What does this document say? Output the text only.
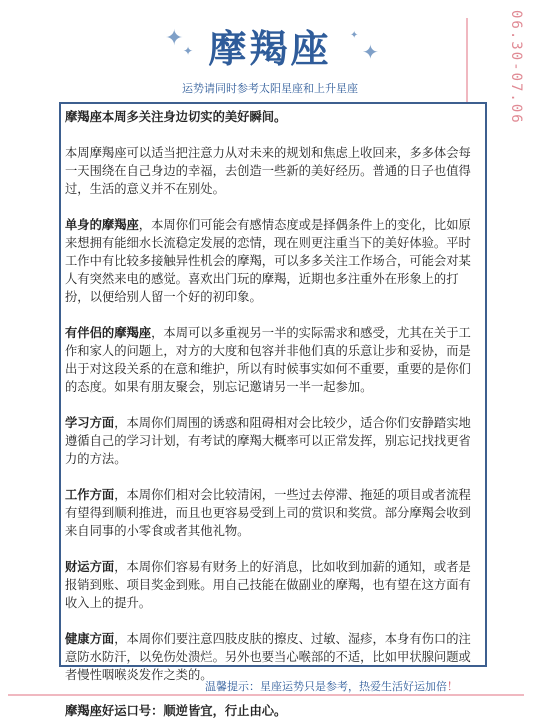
✦ ✦
✦
✦
摩羯座
运势请同时参考太阳星座和上升星座	06.30-07.06

摩羯座本周多关注身边切实的美好瞬间。

本周摩羯座可以适当把注意力从对未来的规划和焦虑上收回来，多多体会每一天围绕在自己身边的幸福，去创造一些新的美好经历。普通的日子也值得过，生活的意义并不在别处。

单身的摩羯座，本周你们可能会有感情态度或是择偶条件上的变化，比如原来想拥有能细水长流稳定发展的恋情，现在则更注重当下的美好体验。平时工作中有比较多接触异性机会的摩羯，可以多多关注工作场合，可能会对某人有突然来电的感觉。喜欢出门玩的摩羯，近期也多注重外在形象上的打扮，以便给别人留一个好的初印象。

有伴侣的摩羯座，本周可以多重视另一半的实际需求和感受，尤其在关于工作和家人的问题上，对方的大度和包容并非他们真的乐意让步和妥协，而是出于对这段关系的在意和维护，所以有时候事实如何不重要，重要的是你们的态度。如果有朋友聚会，别忘记邀请另一半一起参加。

学习方面，本周你们周围的诱惑和阻碍相对会比较少，适合你们安静踏实地遵循自己的学习计划，有考试的摩羯大概率可以正常发挥，别忘记找找更省力的方法。

工作方面，本周你们相对会比较清闲，一些过去停滞、拖延的项目或者流程有望得到顺利推进，而且也更容易受到上司的赏识和奖赏。部分摩羯会收到来自同事的小零食或者其他礼物。

财运方面，本周你们容易有财务上的好消息，比如收到加薪的通知，或者是报销到账、项目奖金到账。用自己技能在做副业的摩羯，也有望在这方面有收入上的提升。

健康方面，本周你们要注意四肢皮肤的擦皮、过敏、湿疹，本身有伤口的注意防水防汗，以免伤处溃烂。另外也要当心喉部的不适，比如甲状腺问题或者慢性咽喉炎发作之类的。

摩羯座好运口号：顺逆皆宜，行止由心。

温馨提示：星座运势只是参考，热爱生活好运加倍！
